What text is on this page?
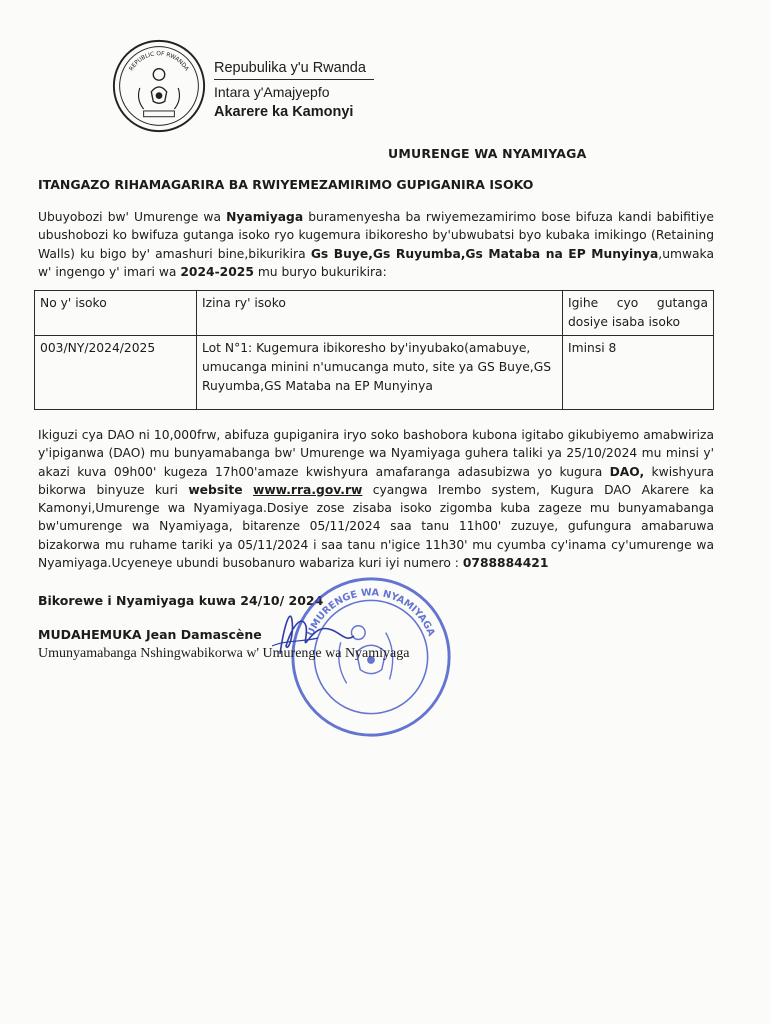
REPUBLIC OF RWANDA Repubulika y'u Rwanda
Intara y'Amajyepfo
Akarere ka Kamonyi
UMURENGE WA NYAMIYAGA
ITANGAZO RIHAMAGARIRA BA RWIYEMEZAMIRIMO GUPIGANIRA ISOKO
Ubuyobozi bw' Umurenge wa Nyamiyaga buramenyesha ba rwiyemezamirimo bose bifuza kandi babifitiye ubushobozi ko bwifuza gutanga isoko ryo kugemura ibikoresho by'ubwubatsi byo kubaka imikingo (Retaining Walls) ku bigo by' amashuri bine,bikurikira Gs Buye,Gs Ruyumba,Gs Mataba na EP Munyinya,umwaka w' ingengo y' imari wa 2024-2025 mu buryo bukurikira:
No y' isoko	Izina ry' isoko	Igihe cyo gutanga dosiye isaba isoko
003/NY/2024/2025	Lot N°1: Kugemura ibikoresho by'inyubako(amabuye, umucanga minini n'umucanga muto, site ya GS Buye,GS Ruyumba,GS Mataba na EP Munyinya	Iminsi 8
Ikiguzi cya DAO ni 10,000frw, abifuza gupiganira iryo soko bashobora kubona igitabo gikubiyemo amabwiriza y'ipiganwa (DAO) mu bunyamabanga bw' Umurenge wa Nyamiyaga guhera taliki ya 25/10/2024 mu minsi y' akazi kuva 09h00' kugeza 17h00'amaze kwishyura amafaranga adasubizwa yo kugura DAO, kwishyura bikorwa binyuze kuri website www.rra.gov.rw cyangwa Irembo system, Kugura DAO Akarere ka Kamonyi,Umurenge wa Nyamiyaga.Dosiye zose zisaba isoko zigomba kuba zageze mu bunyamabanga bw'umurenge wa Nyamiyaga, bitarenze 05/11/2024 saa tanu 11h00' zuzuye, gufungura amabaruwa bizakorwa mu ruhame tariki ya 05/11/2024 i saa tanu n'igice 11h30' mu cyumba cy'inama cy'umurenge wa Nyamiyaga.Ucyeneye ubundi busobanuro wabariza kuri iyi numero : 0788884421
Bikorewe i Nyamiyaga kuwa 24/10/ 2024
UMURENGE WA NYAMIYAGA
MUDAHEMUKA Jean Damascène
Umunyamabanga Nshingwabikorwa w' Umurenge wa Nyamiyaga
